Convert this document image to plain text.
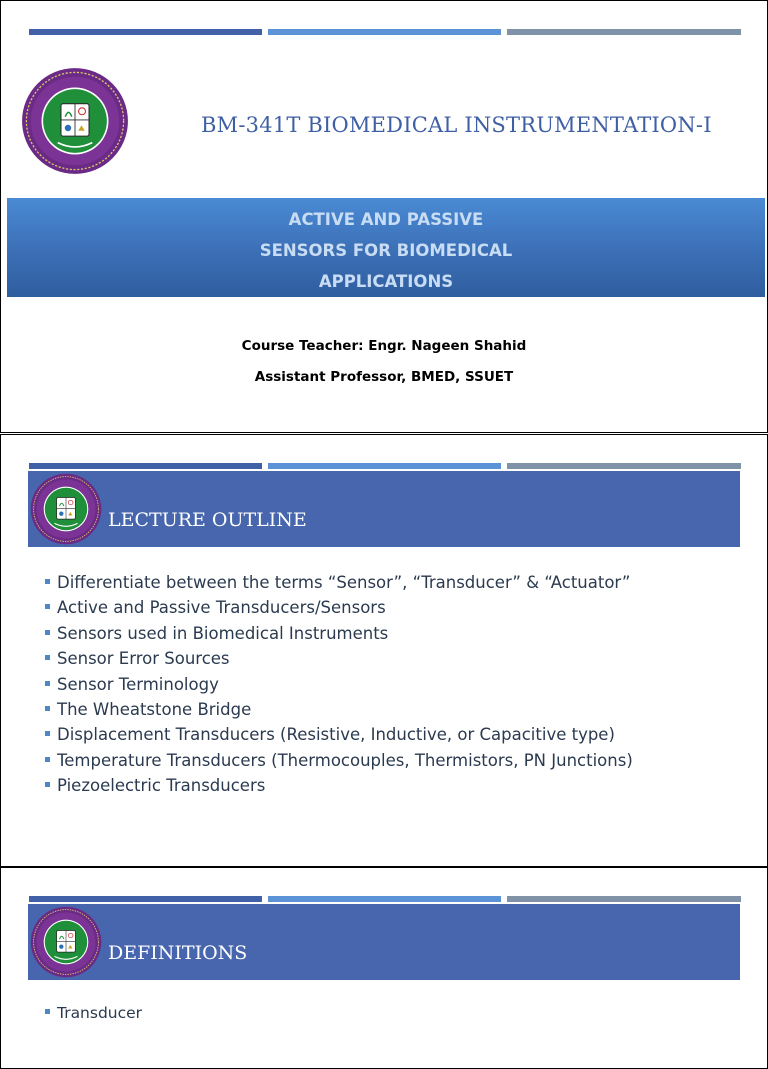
BM-341T BIOMEDICAL INSTRUMENTATION-I
ACTIVE AND PASSIVE
SENSORS FOR BIOMEDICAL
APPLICATIONS
Course Teacher: Engr. Nageen Shahid
Assistant Professor, BMED, SSUET
LECTURE OUTLINE
Differentiate between the terms “Sensor”, “Transducer” & “Actuator”
Active and Passive Transducers/Sensors
Sensors used in Biomedical Instruments
Sensor Error Sources
Sensor Terminology
The Wheatstone Bridge
Displacement Transducers (Resistive, Inductive, or Capacitive type)
Temperature Transducers (Thermocouples, Thermistors, PN Junctions)
Piezoelectric Transducers
DEFINITIONS
Transducer
